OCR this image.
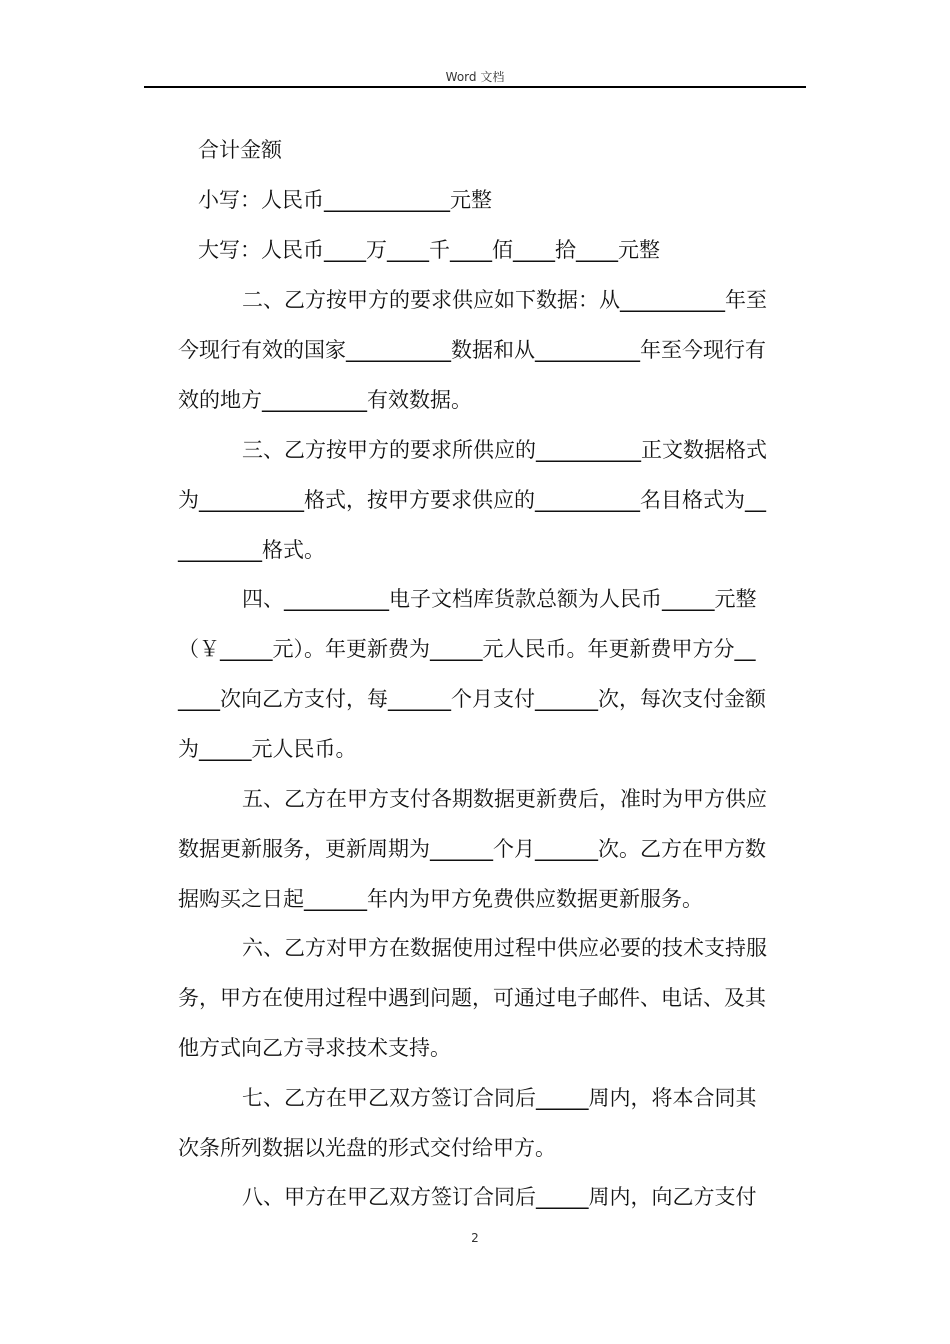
Word 文档
合计金额
小写：人民币____________元整
大写：人民币____万____千____佰____拾____元整
二、乙方按甲方的要求供应如下数据：从__________年至
今现行有效的国家__________数据和从__________年至今现行有
效的地方__________有效数据。
三、乙方按甲方的要求所供应的__________正文数据格式
为__________格式，按甲方要求供应的__________名目格式为__
________格式。
四、__________电子文档库货款总额为人民币_____元整
（￥_____元）。年更新费为_____元人民币。年更新费甲方分__
____次向乙方支付，每______个月支付______次，每次支付金额
为_____元人民币。
五、乙方在甲方支付各期数据更新费后，准时为甲方供应
数据更新服务，更新周期为______个月______次。乙方在甲方数
据购买之日起______年内为甲方免费供应数据更新服务。
六、乙方对甲方在数据使用过程中供应必要的技术支持服
务，甲方在使用过程中遇到问题，可通过电子邮件、电话、及其
他方式向乙方寻求技术支持。
七、乙方在甲乙双方签订合同后_____周内，将本合同其
次条所列数据以光盘的形式交付给甲方。
八、甲方在甲乙双方签订合同后_____周内，向乙方支付
2
